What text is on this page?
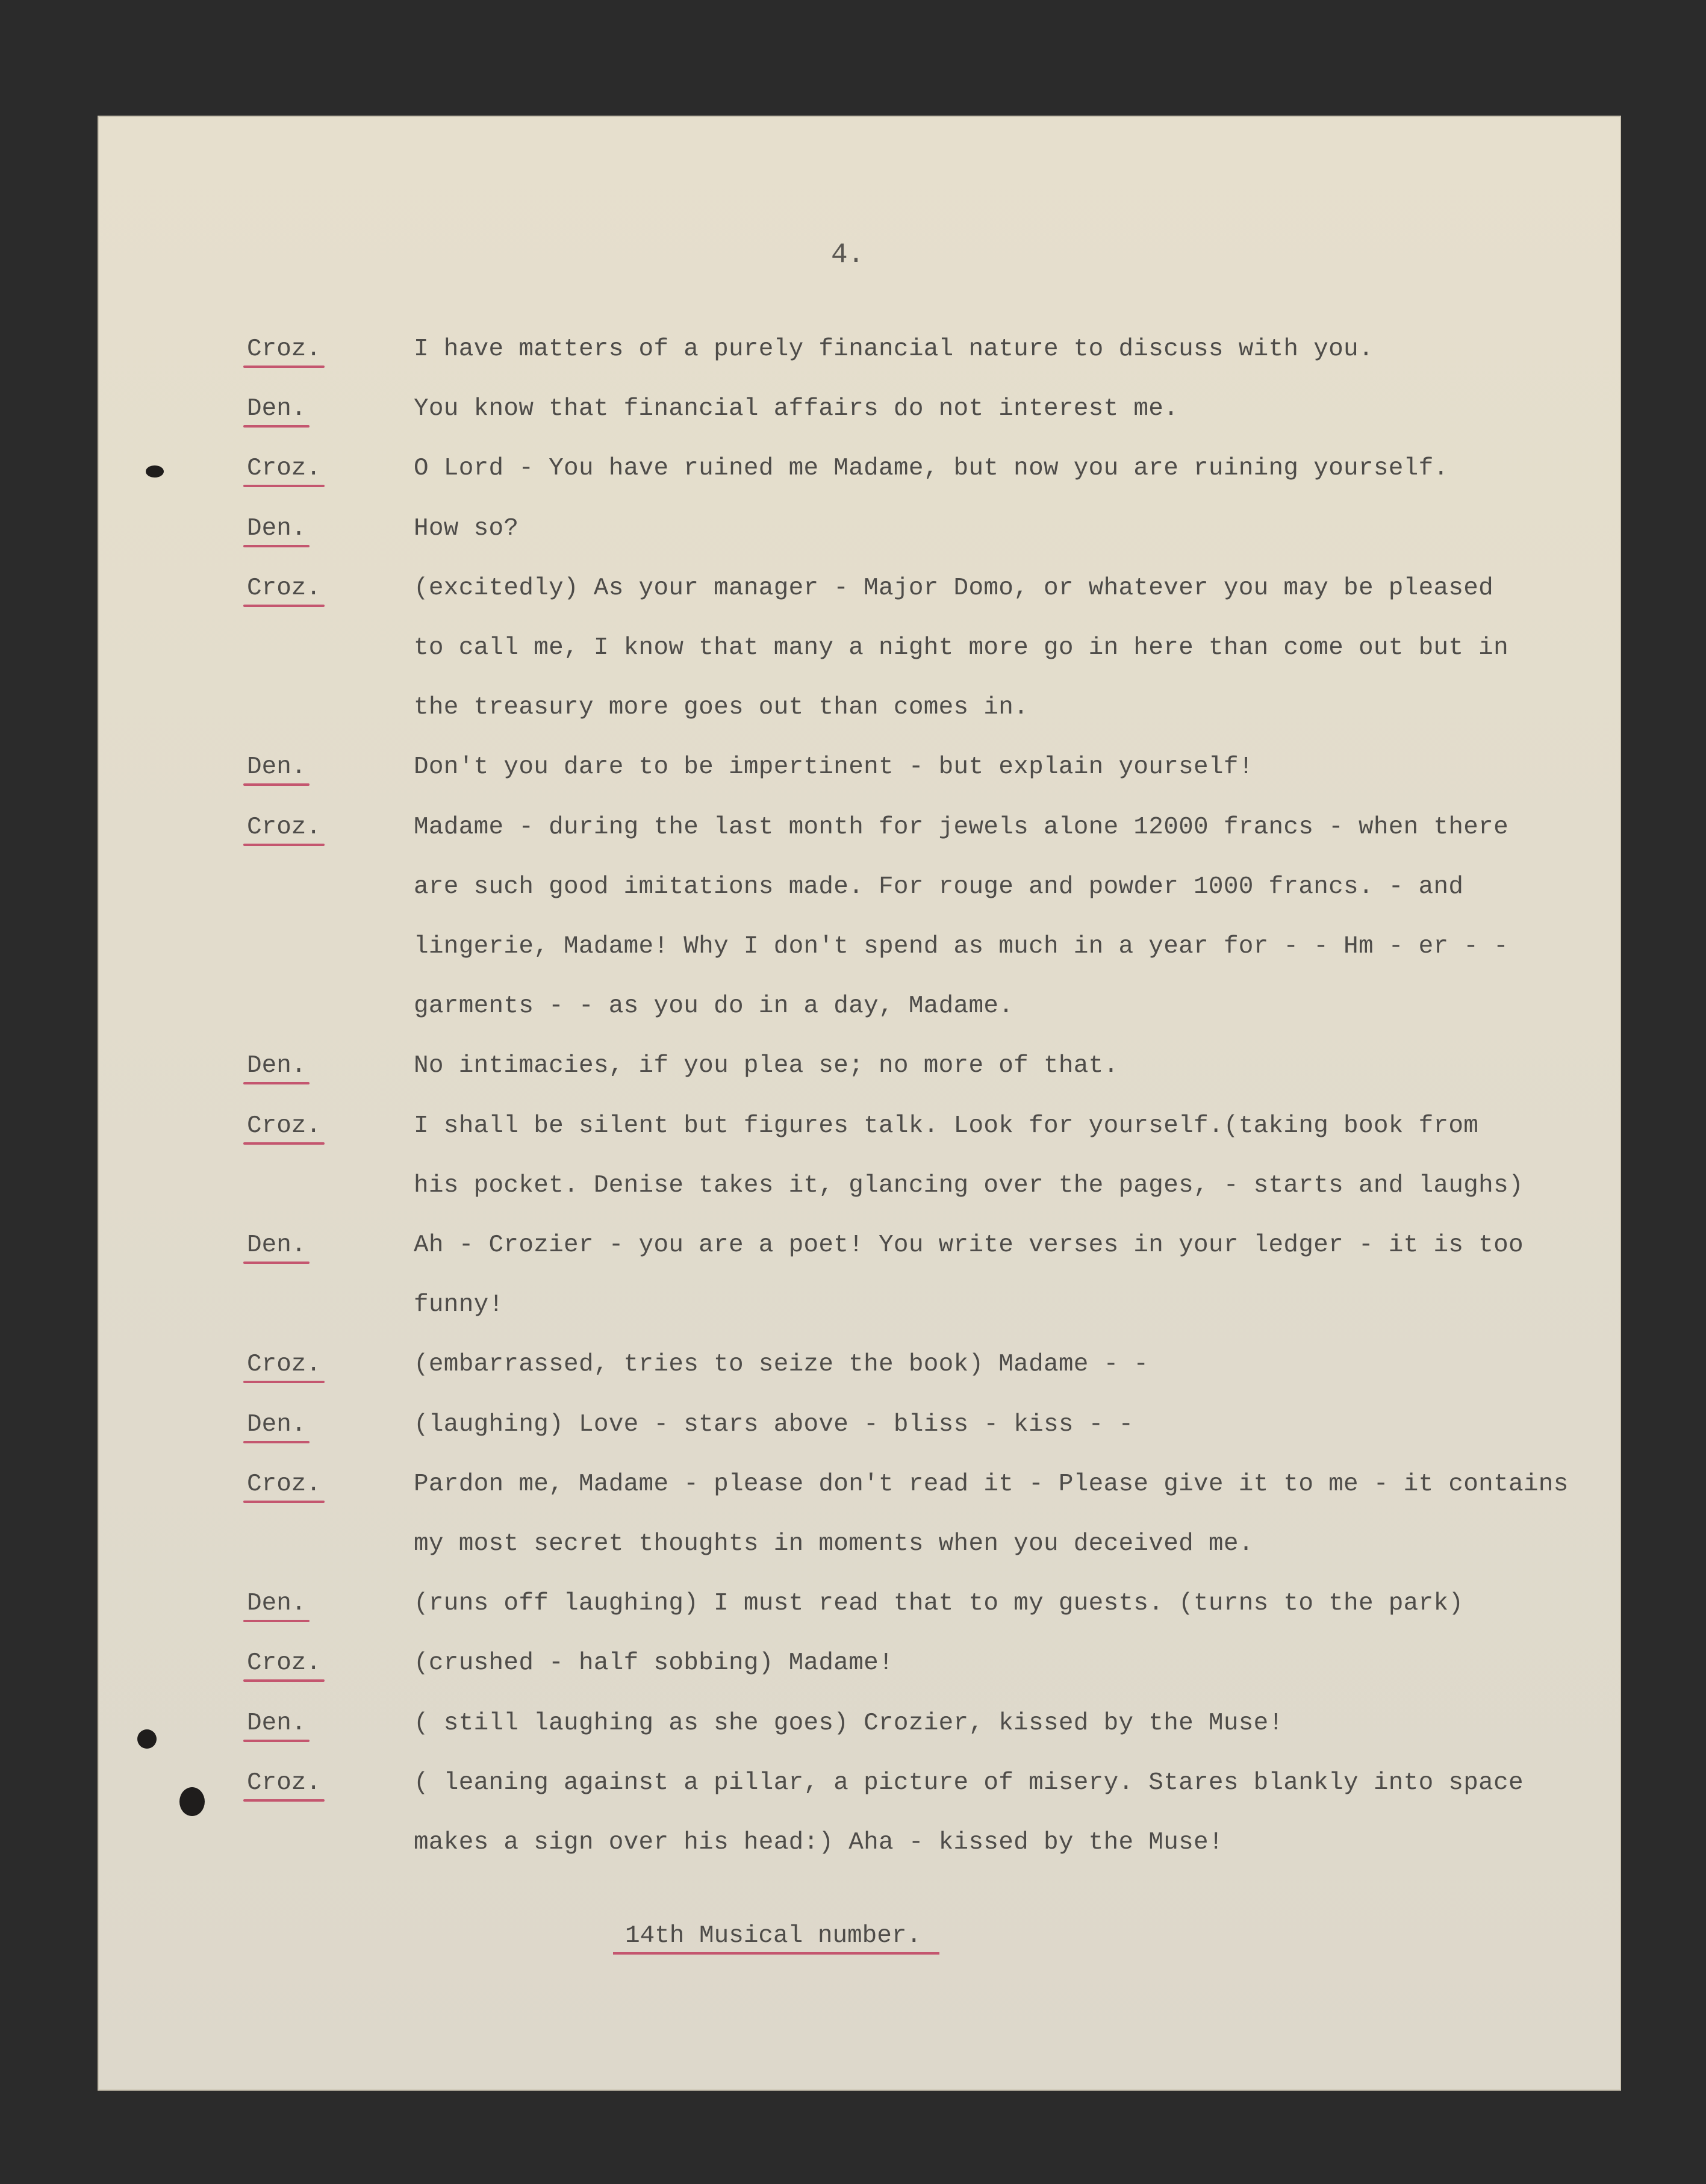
4.
Croz.	I have matters of a purely financial nature to discuss with you.
Den.	You know that financial affairs do not interest me.
Croz.	O Lord - You have ruined me Madame, but now you are ruining yourself.
Den.	How so?
Croz.	(excitedly) As your manager - Major Domo, or whatever you may be pleased
to call me, I know that many a night more go in here than come out but in
the treasury more goes out than comes in.
Den.	Don't you dare to be impertinent - but explain yourself!
Croz.	Madame - during the last month for jewels alone 12000 francs - when there
are such good imitations made. For rouge and powder 1000 francs. - and
lingerie, Madame! Why I don't spend as much in a year for - - Hm - er - -
garments - - as you do in a day, Madame.
Den.	No intimacies, if you plea se; no more of that.
Croz.	I shall be silent but figures talk. Look for yourself.(taking book from
his pocket. Denise takes it, glancing over the pages, - starts and laughs)
Den.	Ah - Crozier - you are a poet! You write verses in your ledger - it is too
funny!
Croz.	(embarrassed, tries to seize the book) Madame - -
Den.	(laughing) Love - stars above - bliss - kiss - -
Croz.	Pardon me, Madame - please don't read it - Please give it to me - it contains
my most secret thoughts in moments when you deceived me.
Den.	(runs off laughing) I must read that to my guests. (turns to the park)
Croz.	(crushed - half sobbing) Madame!
Den.	( still laughing as she goes) Crozier, kissed by the Muse!
Croz.	( leaning against a pillar, a picture of misery. Stares blankly into space
makes a sign over his head:) Aha - kissed by the Muse!
14th Musical number.
